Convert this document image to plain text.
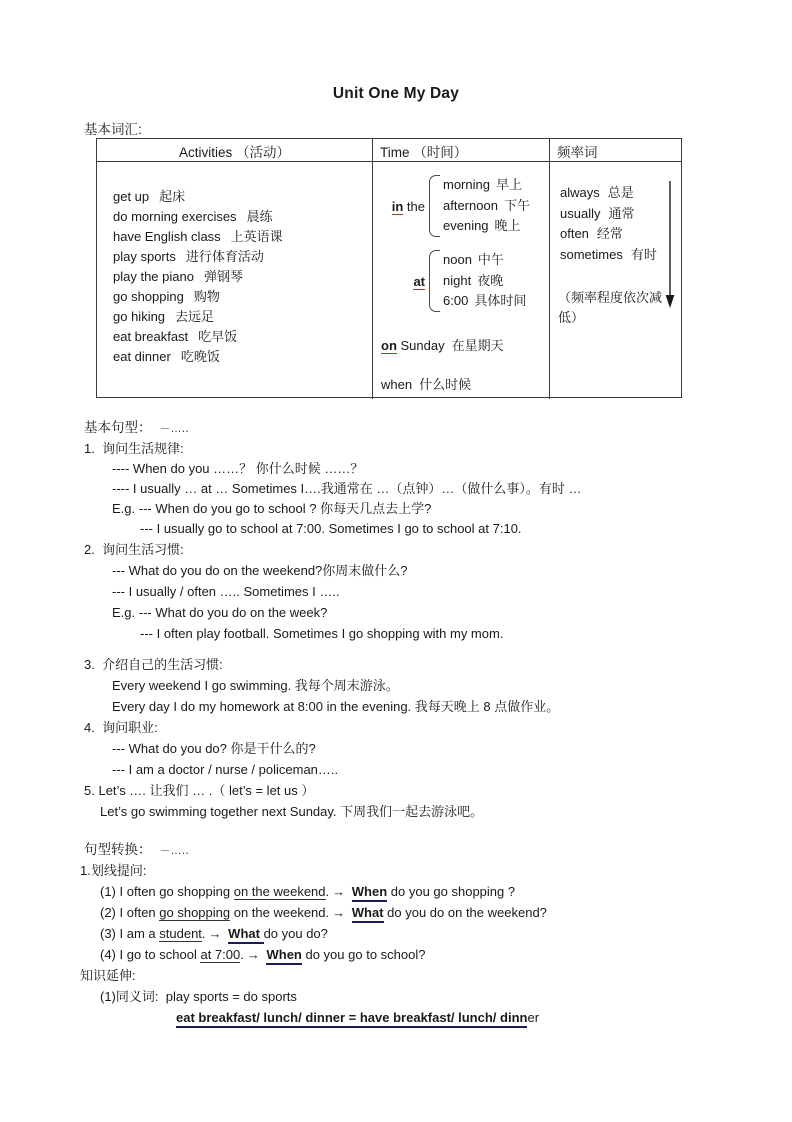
Unit One My Day
基本词汇:
Activities （活动）	Time （时间）	频率词
get up 起床
do morning exercises 晨练
have English class 上英语课
play sports 进行体育活动
play the piano 弹钢琴
go shopping 购物
go hiking 去远足
eat breakfast 吃早饭
eat dinner 吃晚饭
in the
morning 早上
afternoon 下午
evening 晚上
at
noon 中午
night 夜晚
6:00 具体时间
on Sunday 在星期天
when 什么时候
always 总是
usually 通常
often 经常
sometimes 有时
（频率程度依次减低）
基本句型： －…‥
1. 询问生活规律:
---- When do you ……？ 你什么时候 ……？
---- I usually … at … Sometimes I….我通常在 …（点钟）…（做什么事）。有时 …
E.g. --- When do you go to school ? 你每天几点去上学?
--- I usually go to school at 7:00. Sometimes I go to school at 7:10.
2. 询问生活习惯:
--- What do you do on the weekend?你周末做什么?
--- I usually / often ….. Sometimes I …..
E.g. --- What do you do on the week?
--- I often play football. Sometimes I go shopping with my mom.
3. 介绍自己的生活习惯:
Every weekend I go swimming. 我每个周末游泳。
Every day I do my homework at 8:00 in the evening. 我每天晚上 8 点做作业。
4. 询问职业:
--- What do you do? 你是干什么的?
--- I am a doctor / nurse / policeman…..
5. Let’s …. 让我们 … .（ let’s = let us ）
Let’s go swimming together next Sunday. 下周我们一起去游泳吧。
句型转换： －…‥
1.划线提问:
(1) I often go shopping on the weekend. → When do you go shopping ?
(2) I often go shopping on the weekend. → What do you do on the weekend?
(3) I am a student. → What do you do?
(4) I go to school at 7:00. → When do you go to school?
知识延伸:
(1)同义词: play sports = do sports
eat breakfast/ lunch/ dinner = have breakfast/ lunch/ dinner
